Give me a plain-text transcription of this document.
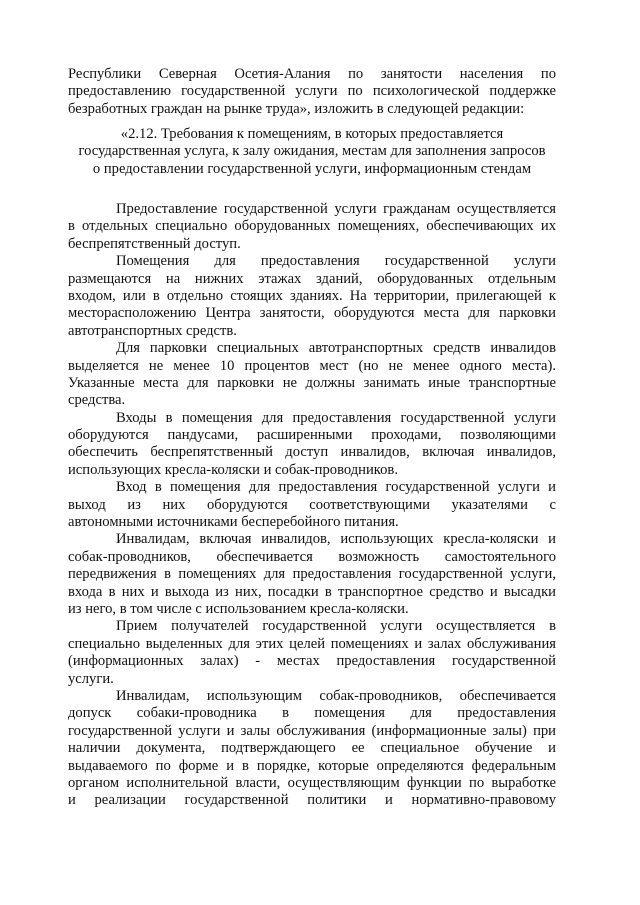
Республики Северная Осетия-Алания по занятости населения по
предоставлению государственной услуги по психологической поддержке
безработных граждан на рынке труда», изложить в следующей редакции:
«2.12. Требования к помещениям, в которых предоставляется
государственная услуга, к залу ожидания, местам для заполнения запросов
о предоставлении государственной услуги, информационным стендам
Предоставление государственной услуги гражданам осуществляется
в отдельных специально оборудованных помещениях, обеспечивающих их
беспрепятственный доступ.
Помещения для предоставления государственной услуги
размещаются на нижних этажах зданий, оборудованных отдельным
входом, или в отдельно стоящих зданиях. На территории, прилегающей к
месторасположению Центра занятости, оборудуются места для парковки
автотранспортных средств.
Для парковки специальных автотранспортных средств инвалидов
выделяется не менее 10 процентов мест (но не менее одного места).
Указанные места для парковки не должны занимать иные транспортные
средства.
Входы в помещения для предоставления государственной услуги
оборудуются пандусами, расширенными проходами, позволяющими
обеспечить беспрепятственный доступ инвалидов, включая инвалидов,
использующих кресла-коляски и собак-проводников.
Вход в помещения для предоставления государственной услуги и
выход из них оборудуются соответствующими указателями с
автономными источниками бесперебойного питания.
Инвалидам, включая инвалидов, использующих кресла-коляски и
собак-проводников, обеспечивается возможность самостоятельного
передвижения в помещениях для предоставления государственной услуги,
входа в них и выхода из них, посадки в транспортное средство и высадки
из него, в том числе с использованием кресла-коляски.
Прием получателей государственной услуги осуществляется в
специально выделенных для этих целей помещениях и залах обслуживания
(информационных залах) - местах предоставления государственной
услуги.
Инвалидам, использующим собак-проводников, обеспечивается
допуск собаки-проводника в помещения для предоставления
государственной услуги и залы обслуживания (информационные залы) при
наличии документа, подтверждающего ее специальное обучение и
выдаваемого по форме и в порядке, которые определяются федеральным
органом исполнительной власти, осуществляющим функции по выработке
и реализации государственной политики и нормативно-правовому
